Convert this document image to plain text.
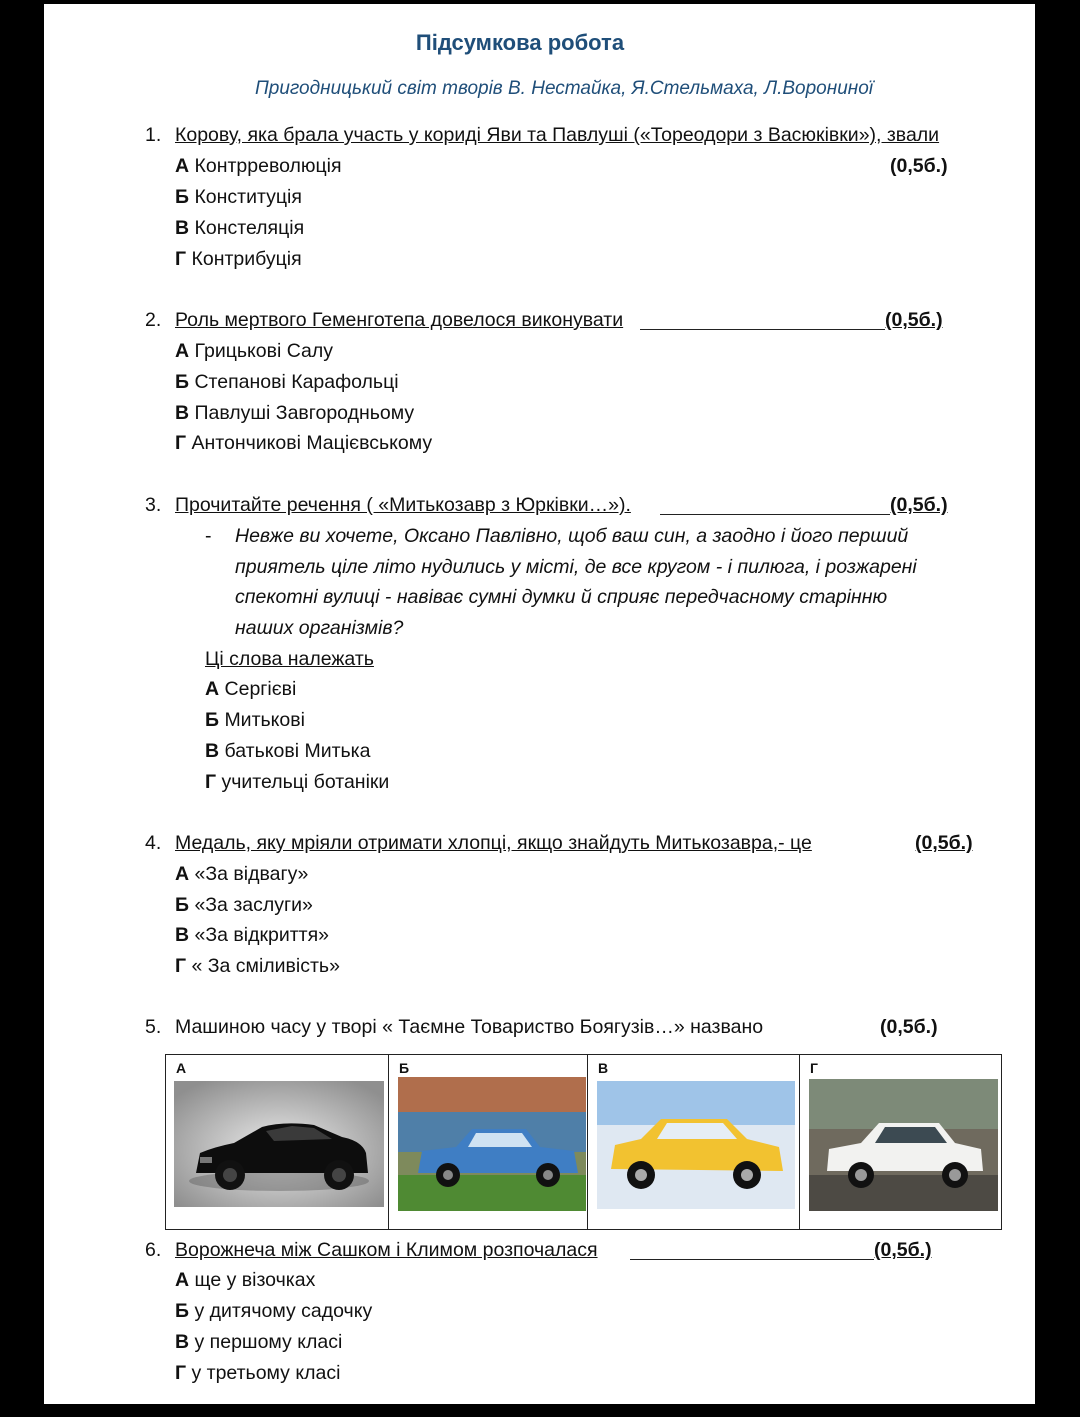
Підсумкова робота
Пригодницький світ творів В. Нестайка, Я.Стельмаха, Л.Ворониної
1. Корову, яка брала участь у кориді Яви та Павлуші («Тореодори з Васюківки»), звали
(0,5б.)
А Контрреволюція
Б Конституція
В Констеляція
Г Контрибуція
2. Роль мертвого Геменготепа довелося виконувати	(0,5б.)
А Грицькові Салу
Б Степанові Карафольці
В Павлуші Завгородньому
Г Антончикові Мацієвському
3. Прочитайте речення ( «Митькозавр з Юрківки…»).	(0,5б.)
- Невже ви хочете, Оксано Павлівно, щоб ваш син, а заодно і його перший
приятель ціле літо нудились у місті, де все кругом - і пилюга, і розжарені
спекотні вулиці - навіває сумні думки й сприяє передчасному старінню
наших організмів?
Ці слова належать
А Сергієві
Б Митькові
В батькові Митька
Г учительці ботаніки
4. Медаль, яку мріяли отримати хлопці, якщо знайдуть Митькозавра,- це	(0,5б.)
А «За відвагу»
Б «За заслуги»
В «За відкриття»
Г « За сміливість»
5. Машиною часу у творі « Таємне Товариство Боягузів…» названо	(0,5б.)
А	Б	В	Г
6. Ворожнеча між Сашком і Климом розпочалася	(0,5б.)
А ще у візочках
Б у дитячому садочку
В у першому класі
Г у третьому класі
